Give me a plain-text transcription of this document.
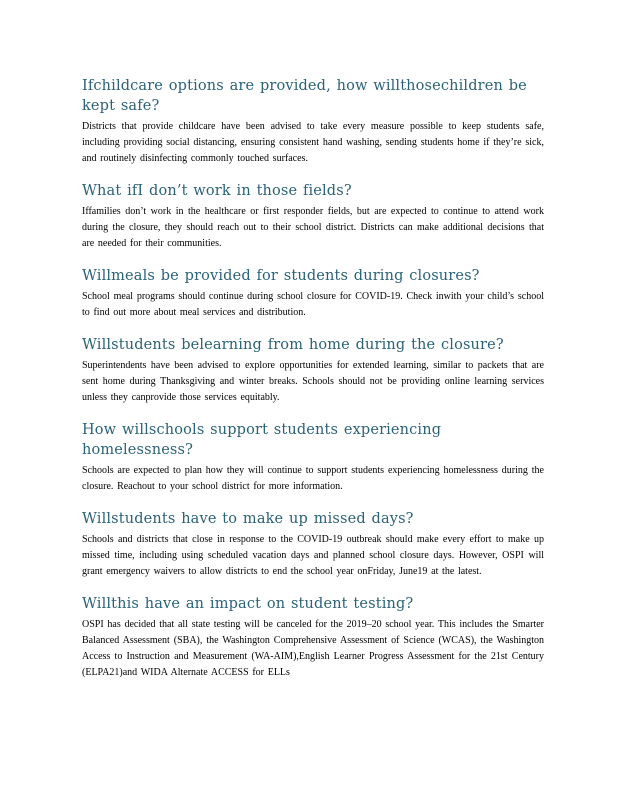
Ifchildcare options are provided, how willthosechildren be kept safe?

Districts that provide childcare have been advised to take every measure possible to keep students safe, including providing social distancing, ensuring consistent hand washing, sending students home if they’re sick, and routinely disinfecting commonly touched surfaces.

What ifI don’t work in those fields?

Iffamilies don’t work in the healthcare or first responder fields, but are expected to continue to attend work during the closure, they should reach out to their school district. Districts can make additional decisions that are needed for their communities.

Willmeals be provided for students during closures?

School meal programs should continue during school closure for COVID-19. Check inwith your child’s school to find out more about meal services and distribution.

Willstudents belearning from home during the closure?

Superintendents have been advised to explore opportunities for extended learning, similar to packets that are sent home during Thanksgiving and winter breaks. Schools should not be providing online learning services unless they canprovide those services equitably.

How willschools support students experiencing homelessness?

Schools are expected to plan how they will continue to support students experiencing homelessness during the closure. Reachout to your school district for more information.

Willstudents have to make up missed days?

Schools and districts that close in response to the COVID-19 outbreak should make every effort to make up missed time, including using scheduled vacation days and planned school closure days. However, OSPI will grant emergency waivers to allow districts to end the school year onFriday, June19 at the latest.

Willthis have an impact on student testing?

OSPI has decided that all state testing will be canceled for the 2019–20 school year. This includes the Smarter Balanced Assessment (SBA), the Washington Comprehensive Assessment of Science (WCAS), the Washington Access to Instruction and Measurement (WA-AIM),English Learner Progress Assessment for the 21st Century (ELPA21)and WIDA Alternate ACCESS for ELLs
